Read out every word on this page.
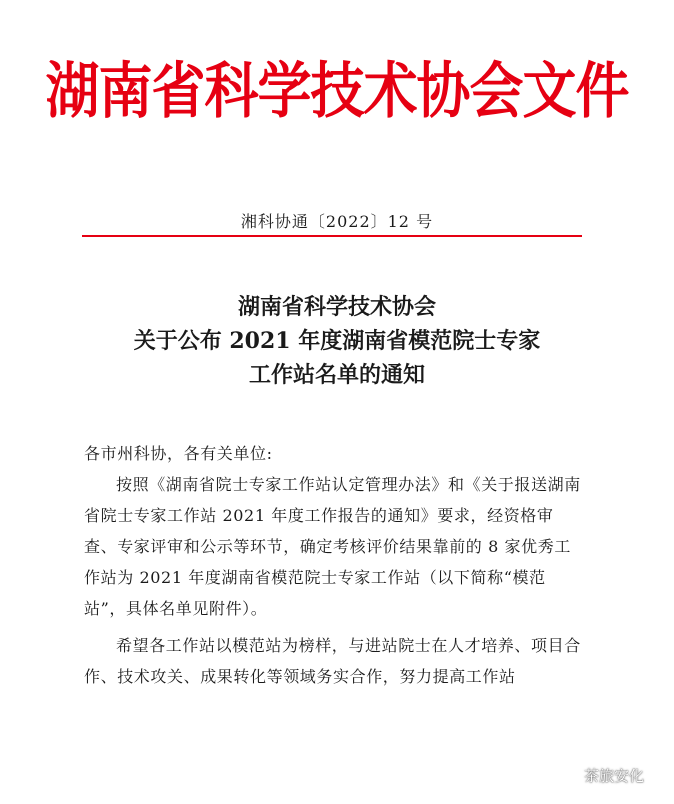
湖南省科学技术协会文件
湘科协通〔2022〕12 号
湖南省科学技术协会
关于公布 2021 年度湖南省模范院士专家
工作站名单的通知

各市州科协，各有关单位:

按照《湖南省院士专家工作站认定管理办法》和《关于报送湖南省院士专家工作站 2021 年度工作报告的通知》要求，经资格审查、专家评审和公示等环节，确定考核评价结果靠前的 8 家优秀工作站为 2021 年度湖南省模范院士专家工作站（以下简称“模范站”，具体名单见附件）。

希望各工作站以模范站为榜样，与进站院士在人才培养、项目合作、技术攻关、成果转化等领域务实合作，努力提高工作站

茶旅安化
